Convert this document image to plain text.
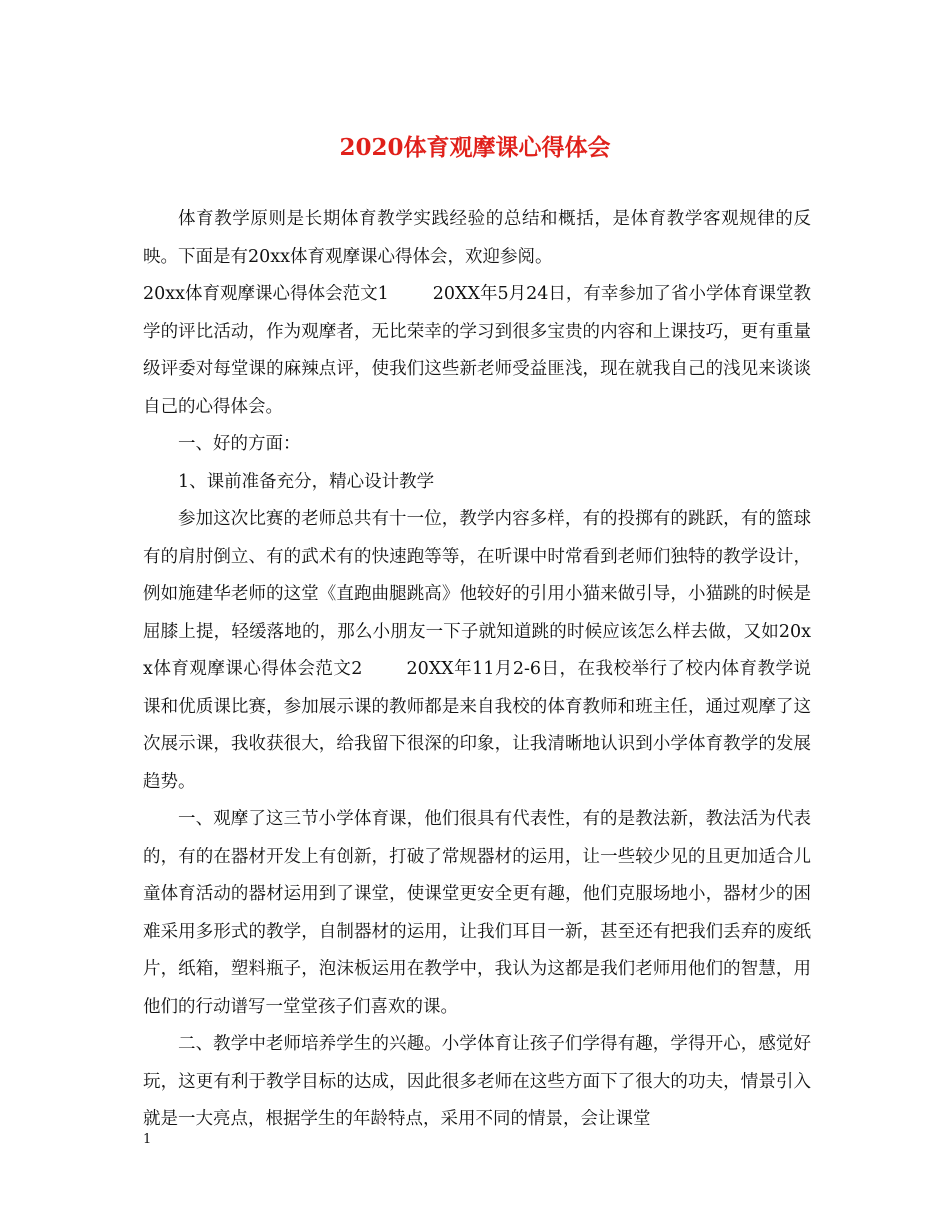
2020体育观摩课心得体会

体育教学原则是长期体育教学实践经验的总结和概括，是体育教学客观规律的反映。下面是有20xx体育观摩课心得体会，欢迎参阅。

20xx体育观摩课心得体会范文1	20XX年5月24日，有幸参加了省小学体育课堂教学的评比活动，作为观摩者，无比荣幸的学习到很多宝贵的内容和上课技巧，更有重量级评委对每堂课的麻辣点评，使我们这些新老师受益匪浅，现在就我自己的浅见来谈谈自己的心得体会。

一、好的方面：

1、课前准备充分，精心设计教学

参加这次比赛的老师总共有十一位，教学内容多样，有的投掷有的跳跃，有的篮球有的肩肘倒立、有的武术有的快速跑等等，在听课中时常看到老师们独特的教学设计，例如施建华老师的这堂《直跑曲腿跳高》他较好的引用小猫来做引导，小猫跳的时候是屈膝上提，轻缓落地的，那么小朋友一下子就知道跳的时候应该怎么样去做，又如20xx体育观摩课心得体会范文2	20XX年11月2-6日，在我校举行了校内体育教学说课和优质课比赛，参加展示课的教师都是来自我校的体育教师和班主任，通过观摩了这次展示课，我收获很大，给我留下很深的印象，让我清晰地认识到小学体育教学的发展趋势。

一、观摩了这三节小学体育课，他们很具有代表性，有的是教法新，教法活为代表的，有的在器材开发上有创新，打破了常规器材的运用，让一些较少见的且更加适合儿童体育活动的器材运用到了课堂，使课堂更安全更有趣，他们克服场地小，器材少的困难采用多形式的教学，自制器材的运用，让我们耳目一新，甚至还有把我们丢弃的废纸片，纸箱，塑料瓶子，泡沫板运用在教学中，我认为这都是我们老师用他们的智慧，用他们的行动谱写一堂堂孩子们喜欢的课。

二、教学中老师培养学生的兴趣。小学体育让孩子们学得有趣，学得开心，感觉好玩，这更有利于教学目标的达成，因此很多老师在这些方面下了很大的功夫，情景引入就是一大亮点，根据学生的年龄特点，采用不同的情景，会让课堂

1
